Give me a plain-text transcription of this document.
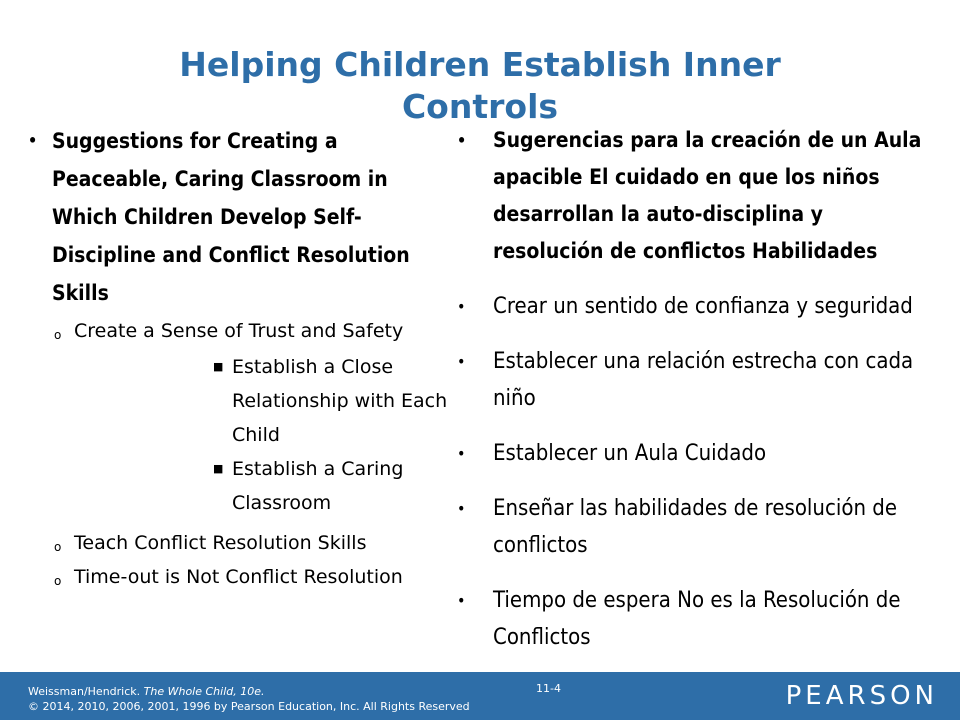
Helping Children Establish Inner Controls
• Suggestions for Creating a Peaceable, Caring Classroom in Which Children Develop Self-Discipline and Conflict Resolution Skills
o Create a Sense of Trust and Safety
■ Establish a Close Relationship with Each Child
■ Establish a Caring Classroom
o Teach Conflict Resolution Skills
o Time-out is Not Conflict Resolution
• Sugerencias para la creación de un Aula apacible El cuidado en que los niños desarrollan la auto-disciplina y resolución de conflictos Habilidades
• Crear un sentido de confianza y seguridad
• Establecer una relación estrecha con cada niño
• Establecer un Aula Cuidado
• Enseñar las habilidades de resolución de conflictos
• Tiempo de espera No es la Resolución de Conflictos
Weissman/Hendrick. The Whole Child, 10e.
© 2014, 2010, 2006, 2001, 1996 by Pearson Education, Inc. All Rights Reserved
11-4	PEARSON
